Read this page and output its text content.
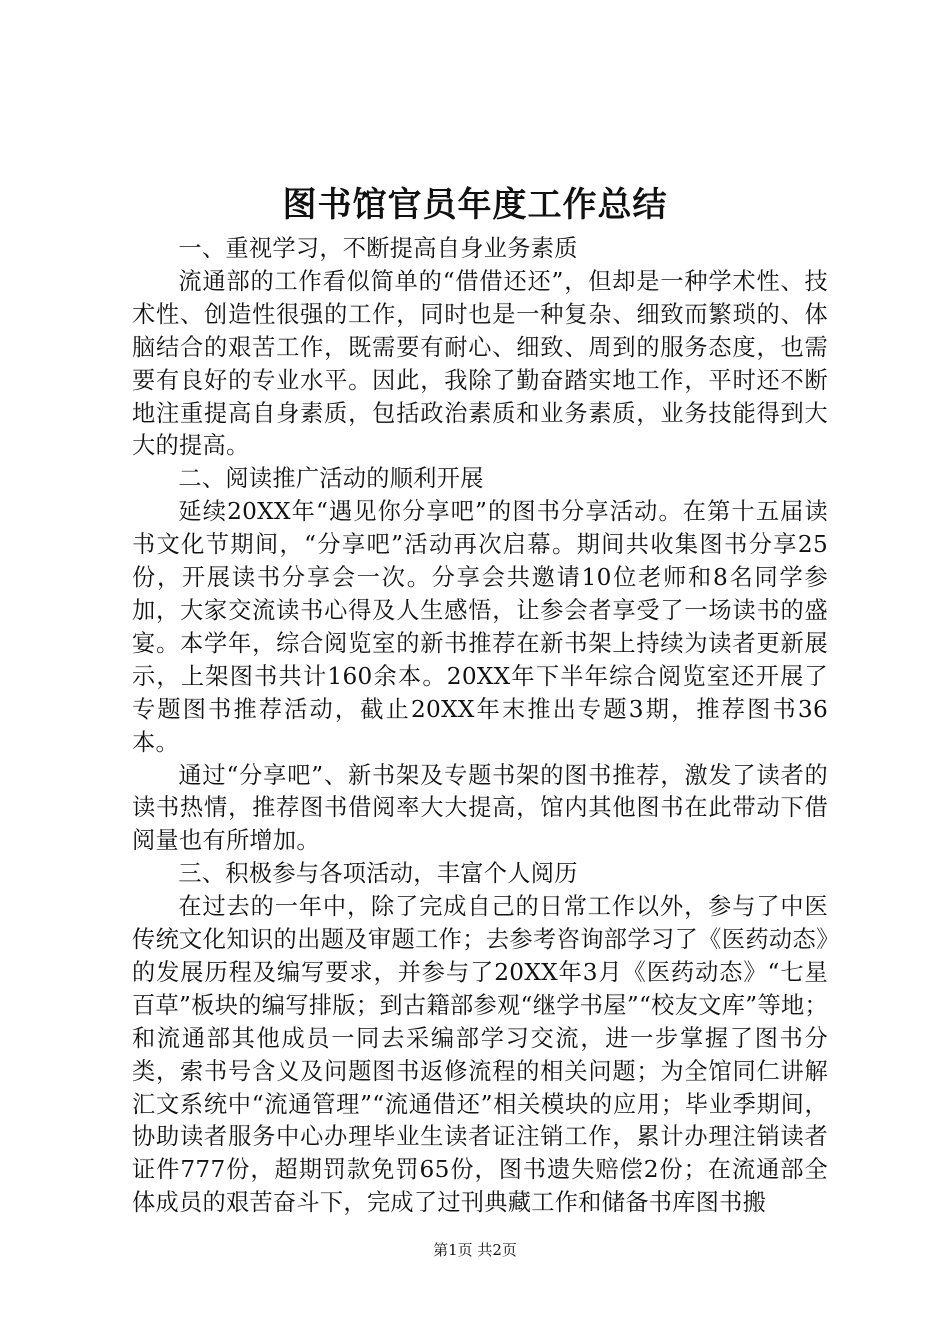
图书馆官员年度工作总结

一、重视学习，不断提高自身业务素质

流通部的工作看似简单的“借借还还”，但却是一种学术性、技术性、创造性很强的工作，同时也是一种复杂、细致而繁琐的、体脑结合的艰苦工作，既需要有耐心、细致、周到的服务态度，也需要有良好的专业水平。因此，我除了勤奋踏实地工作，平时还不断地注重提高自身素质，包括政治素质和业务素质，业务技能得到大大的提高。

二、阅读推广活动的顺利开展

延续20XX年“遇见你分享吧”的图书分享活动。在第十五届读书文化节期间，“分享吧”活动再次启幕。期间共收集图书分享25份，开展读书分享会一次。分享会共邀请10位老师和8名同学参加，大家交流读书心得及人生感悟，让参会者享受了一场读书的盛宴。本学年，综合阅览室的新书推荐在新书架上持续为读者更新展示，上架图书共计160余本。20XX年下半年综合阅览室还开展了专题图书推荐活动，截止20XX年末推出专题3期，推荐图书36本。

通过“分享吧”、新书架及专题书架的图书推荐，激发了读者的读书热情，推荐图书借阅率大大提高，馆内其他图书在此带动下借阅量也有所增加。

三、积极参与各项活动，丰富个人阅历

在过去的一年中，除了完成自己的日常工作以外，参与了中医传统文化知识的出题及审题工作；去参考咨询部学习了《医药动态》的发展历程及编写要求，并参与了20XX年3月《医药动态》“七星百草”板块的编写排版；到古籍部参观“继学书屋”“校友文库”等地；和流通部其他成员一同去采编部学习交流，进一步掌握了图书分类，索书号含义及问题图书返修流程的相关问题；为全馆同仁讲解汇文系统中“流通管理”“流通借还”相关模块的应用；毕业季期间，协助读者服务中心办理毕业生读者证注销工作，累计办理注销读者证件777份，超期罚款免罚65份，图书遗失赔偿2份；在流通部全体成员的艰苦奋斗下，完成了过刊典藏工作和储备书库图书搬

第1页 共2页
